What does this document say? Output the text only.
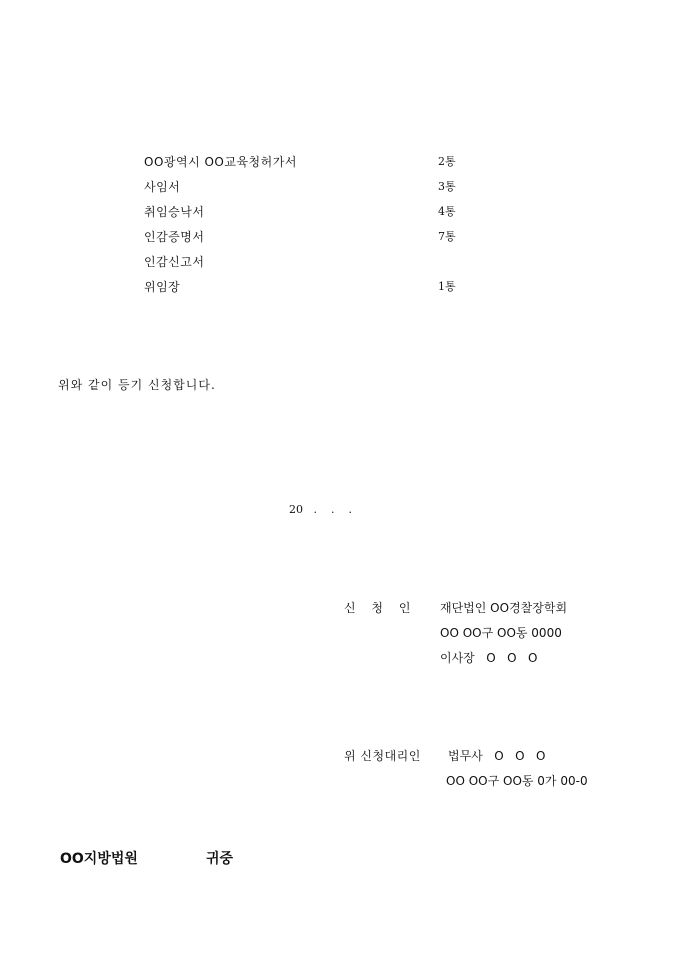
OO광역시 OO교육청허가서	2통
사임서	3통
취임승낙서	4통
인감증명서	7통
인감신고서
위임장	1통
위와 같이 등기 신청합니다.
20   .    .    .
신 청 인 재단법인 OO경찰장학회
OO OO구 OO동 0000
이사장   O   O   O
위 신청대리인 법무사   O   O   O
OO OO구 OO동 0가 00-0
OO지방법원	귀중
